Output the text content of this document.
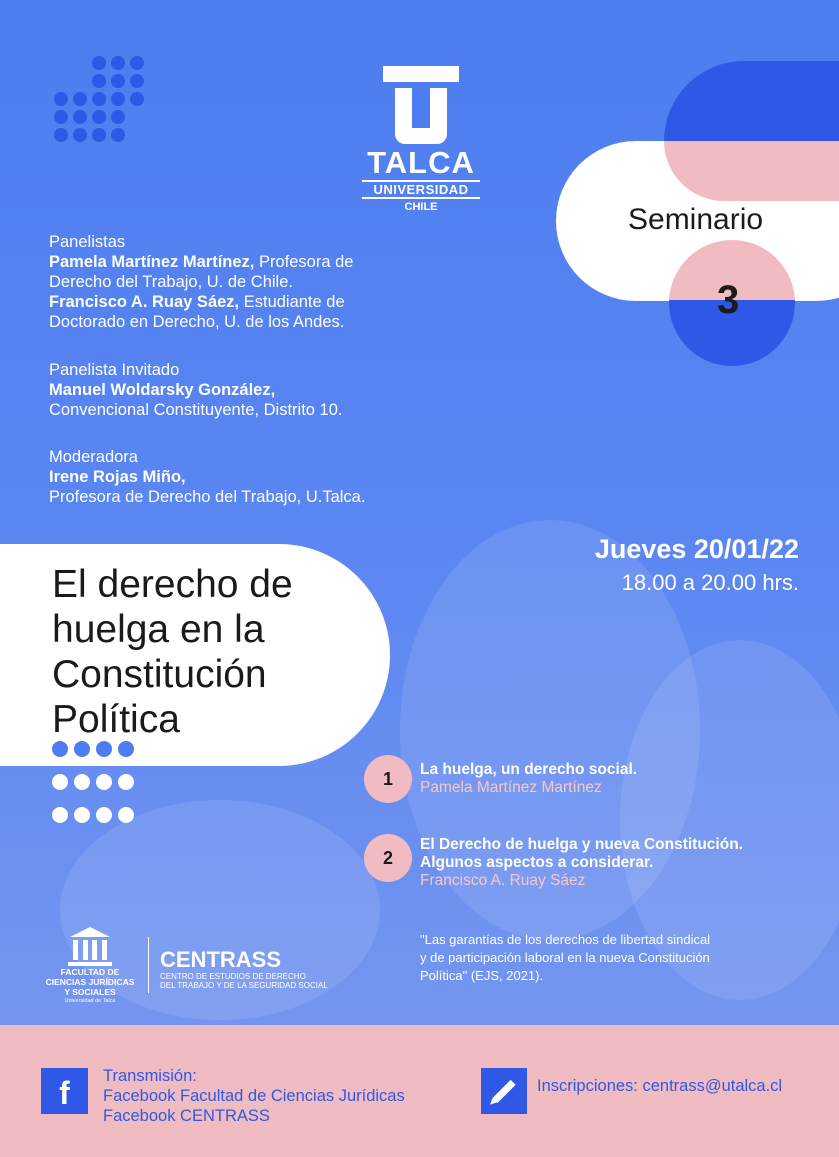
TALCA
UNIVERSIDAD
CHILE	Seminario
3
Panelistas
Pamela Martínez Martínez, Profesora de
Derecho del Trabajo, U. de Chile.
Francisco A. Ruay Sáez, Estudiante de
Doctorado en Derecho, U. de los Andes.
Panelista Invitado
Manuel Woldarsky González,
Convencional Constituyente, Distrito 10.
Moderadora
Irene Rojas Miño,
Profesora de Derecho del Trabajo, U.Talca.
El derecho de
huelga en la
Constitución
Política
Jueves 20/01/22
18.00 a 20.00 hrs.
1	La huelga, un derecho social.
Pamela Martínez Martínez
2
El Derecho de huelga y nueva Constitución.
Algunos aspectos a considerar.
Francisco A. Ruay Sáez
"Las garantías de los derechos de libertad sindical
y de participación laboral en la nueva Constitución
Política" (EJS, 2021).
FACULTAD DE
CIENCIAS JURÍDICAS
Y SOCIALES
Universidad de Talca
CENTRASS
CENTRO DE ESTUDIOS DE DERECHO
DEL TRABAJO Y DE LA SEGURIDAD SOCIAL
f	Transmisión:
Facebook Facultad de Ciencias Jurídicas
Facebook CENTRASS
Inscripciones: centrass@utalca.cl
